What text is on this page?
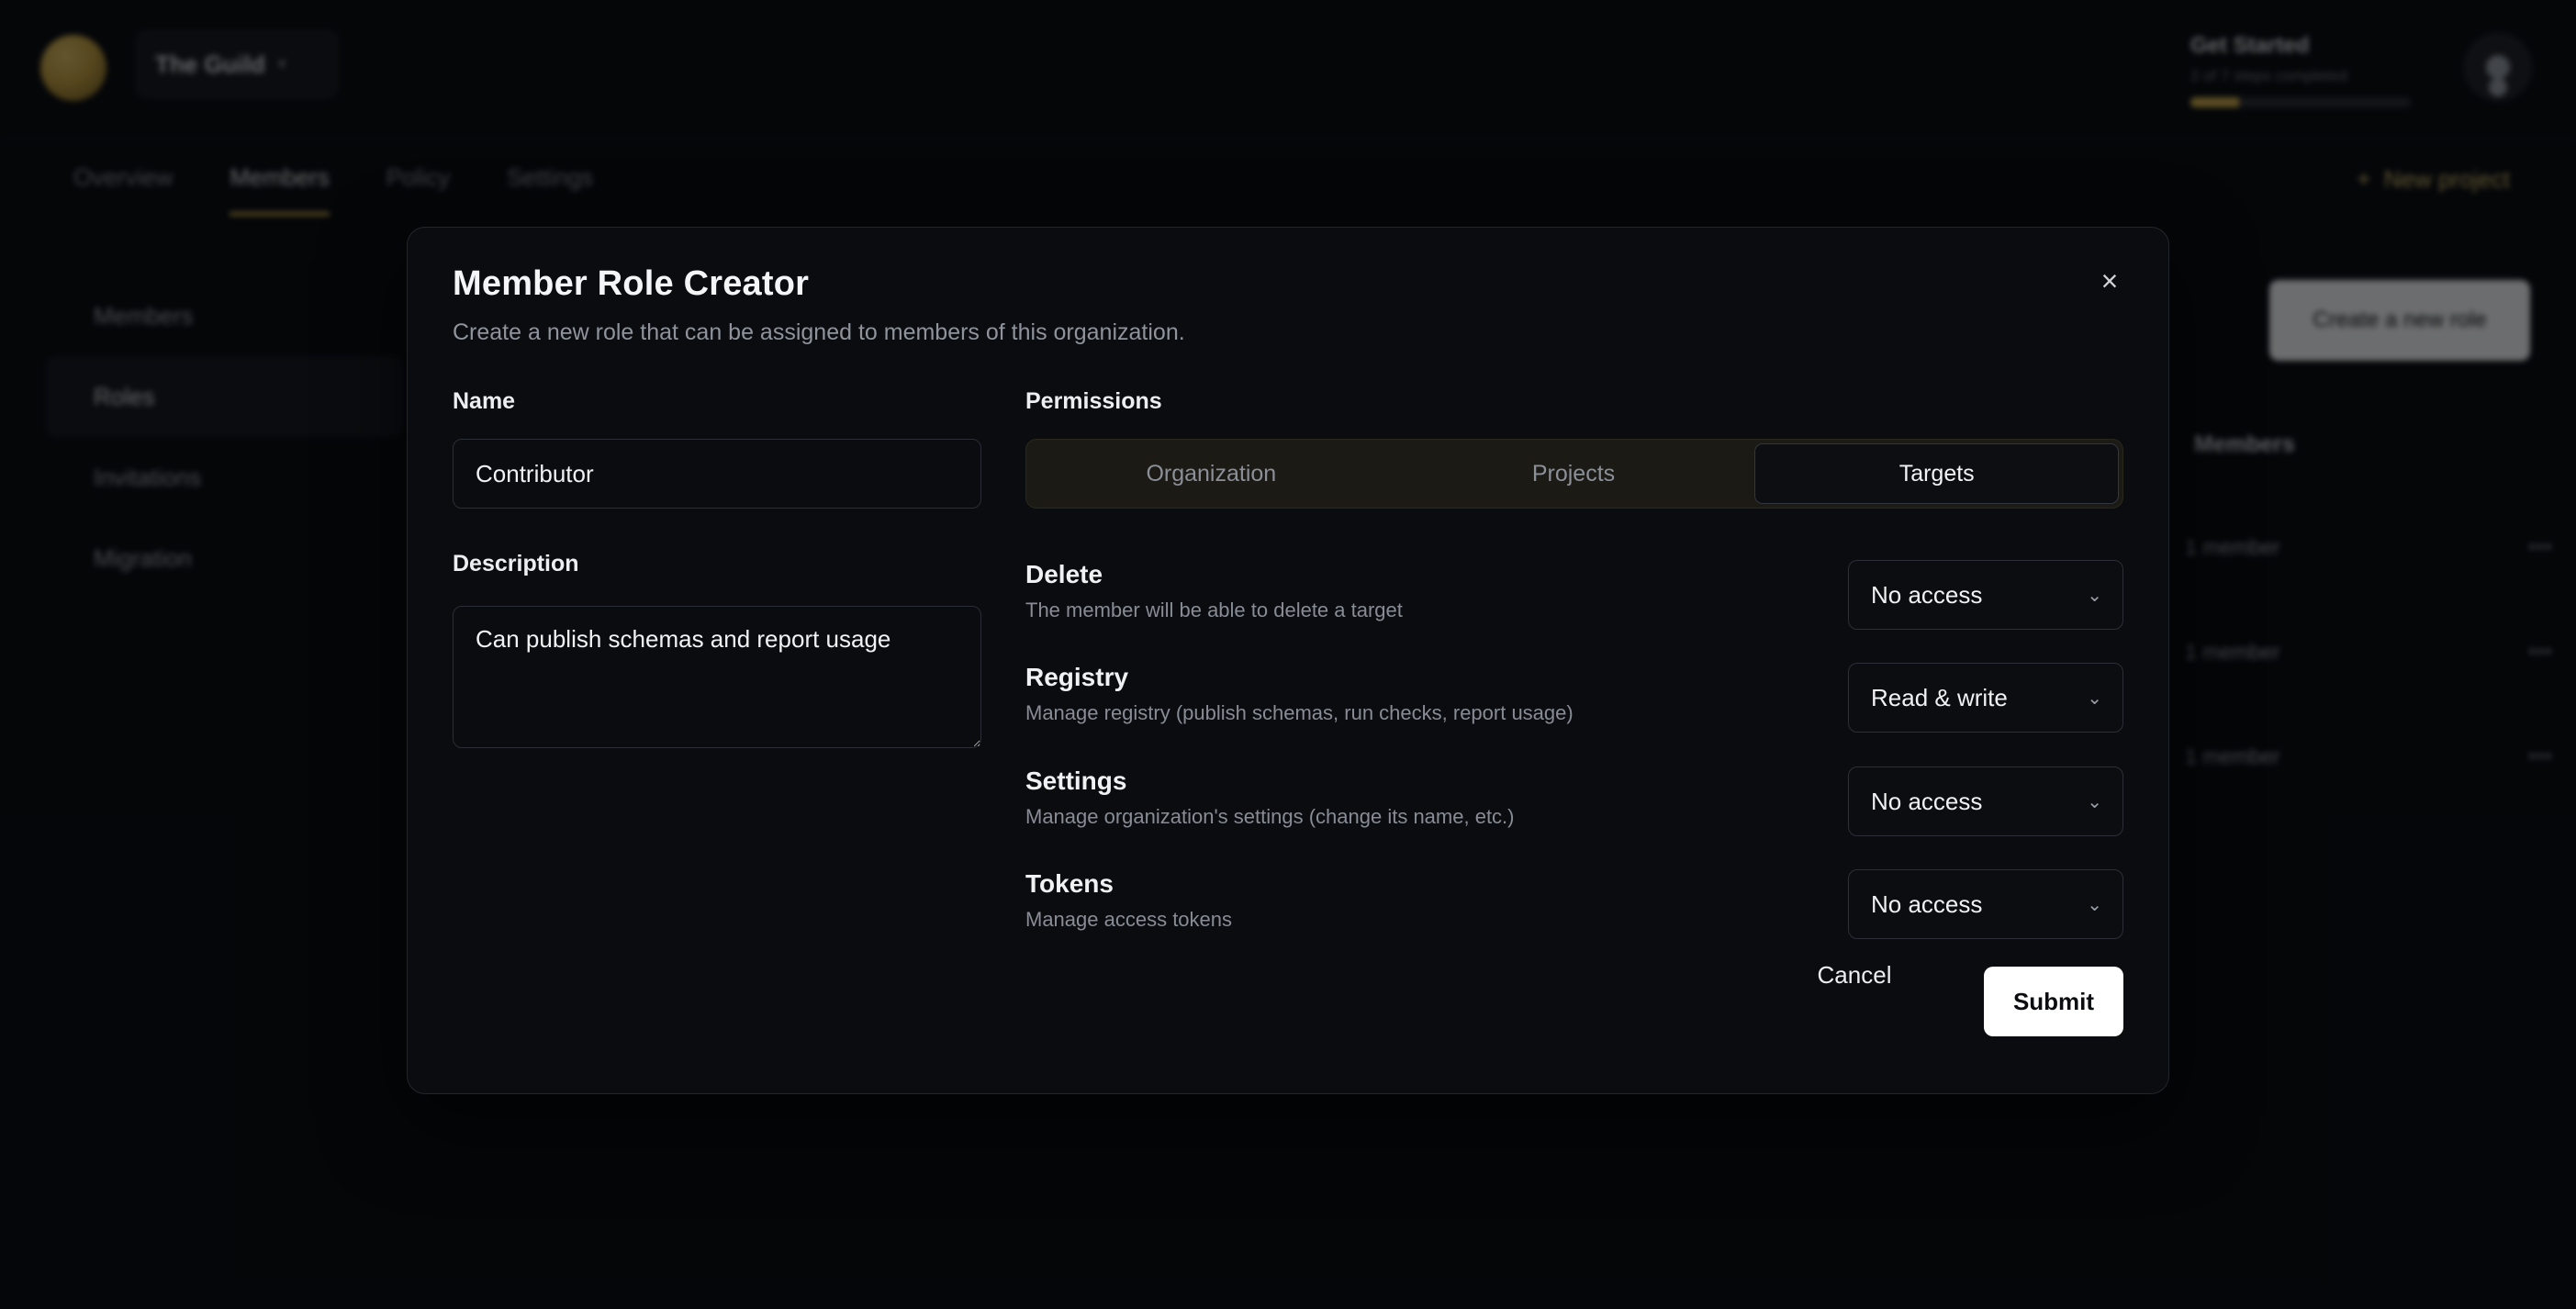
×
Member Role Creator
Create a new role that can be assigned to members of this organization.
Name
Contributor
Description
Can publish schemas and report usage
Permissions
Organization	Projects	Targets
Delete
The member will be able to delete a target
No access	⌄
Registry
Manage registry (publish schemas, run checks, report usage)
Read & write	⌄
Settings
Manage organization's settings (change its name, etc.)
No access	⌄
Tokens
Manage access tokens
No access	⌄
Cancel
Submit
